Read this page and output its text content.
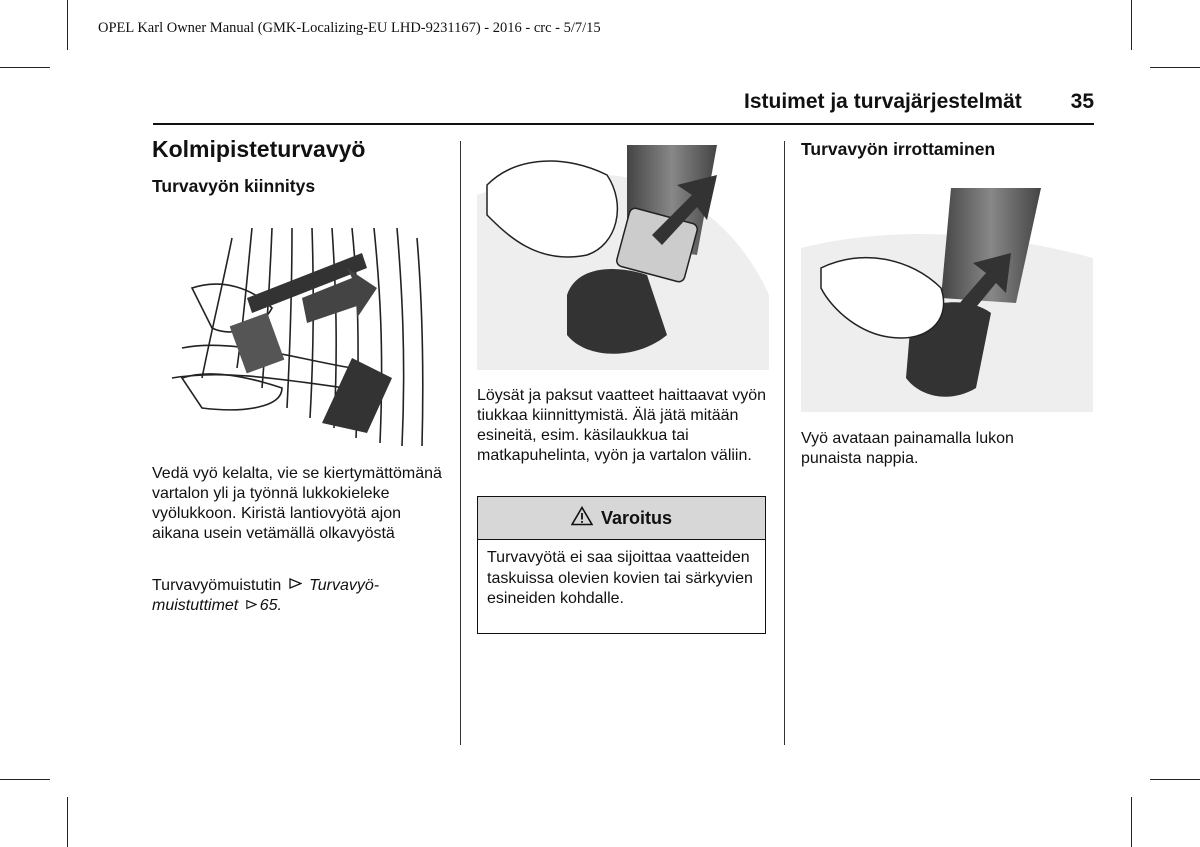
OPEL Karl Owner Manual (GMK-Localizing-EU LHD-9231167) - 2016 - crc - 5/7/15
Istuimet ja turvajärjestelmät 35
Kolmipisteturvavyö
Turvavyön kiinnitys

Vedä vyö kelalta, vie se kiertymättömänä vartalon yli ja työnnä lukkokieleke vyölukkoon. Kiristä lantiovyötä ajon aikana usein vetämällä olkavyöstä

Turvavyömuistutin Turvavyömuistuttimet 65.

Löysät ja paksut vaatteet haittaavat vyön tiukkaa kiinnittymistä. Älä jätä mitään esineitä, esim. käsilaukkua tai matkapuhelinta, vyön ja vartalon väliin.

Varoitus
Turvavyötä ei saa sijoittaa vaatteiden taskuissa olevien kovien tai särkyvien esineiden kohdalle.
Turvavyön irrottaminen

Vyö avataan painamalla lukon punaista nappia.
